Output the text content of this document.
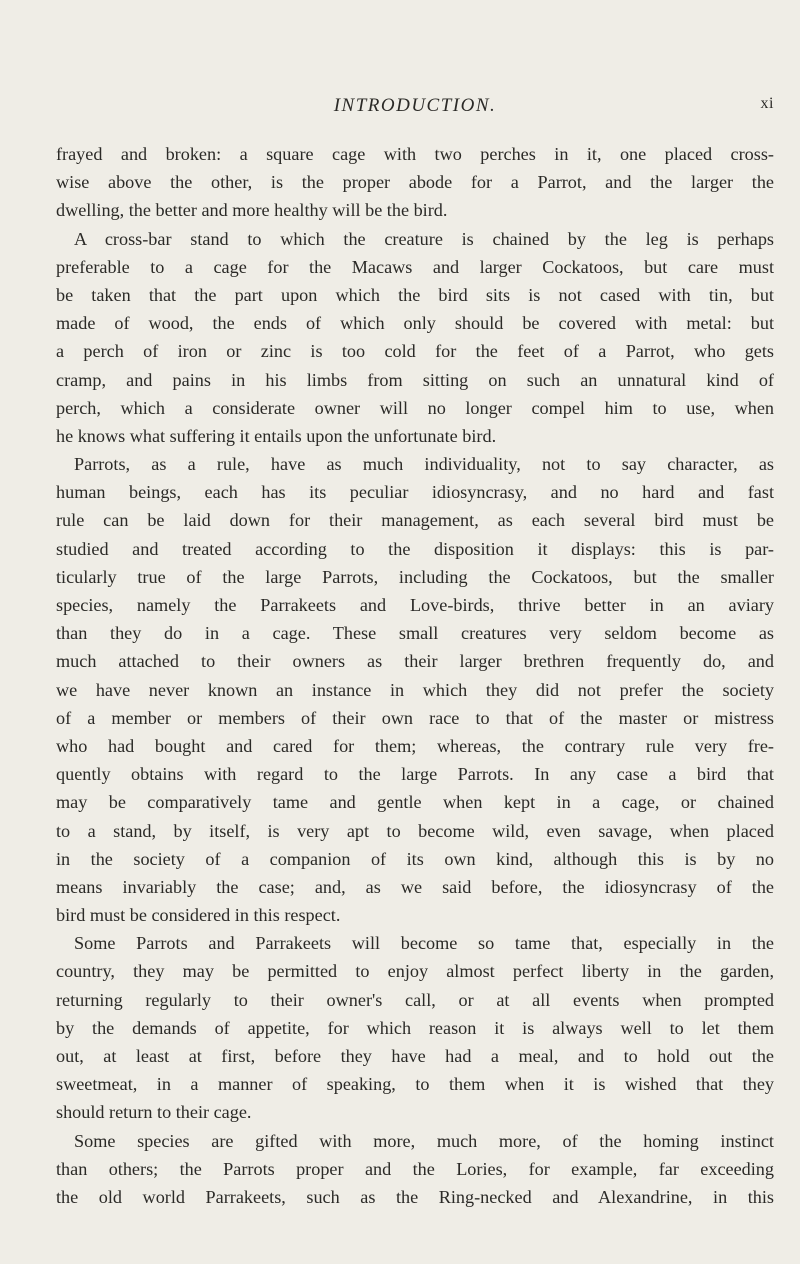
INTRODUCTION.	xi
frayed and broken: a square cage with two perches in it, one placed cross-
wise above the other, is the proper abode for a Parrot, and the larger the
dwelling, the better and more healthy will be the bird.
A cross-bar stand to which the creature is chained by the leg is perhaps
preferable to a cage for the Macaws and larger Cockatoos, but care must
be taken that the part upon which the bird sits is not cased with tin, but
made of wood, the ends of which only should be covered with metal: but
a perch of iron or zinc is too cold for the feet of a Parrot, who gets
cramp, and pains in his limbs from sitting on such an unnatural kind of
perch, which a considerate owner will no longer compel him to use, when
he knows what suffering it entails upon the unfortunate bird.
Parrots, as a rule, have as much individuality, not to say character, as
human beings, each has its peculiar idiosyncrasy, and no hard and fast
rule can be laid down for their management, as each several bird must be
studied and treated according to the disposition it displays: this is par-
ticularly true of the large Parrots, including the Cockatoos, but the smaller
species, namely the Parrakeets and Love-birds, thrive better in an aviary
than they do in a cage. These small creatures very seldom become as
much attached to their owners as their larger brethren frequently do, and
we have never known an instance in which they did not prefer the society
of a member or members of their own race to that of the master or mistress
who had bought and cared for them; whereas, the contrary rule very fre-
quently obtains with regard to the large Parrots. In any case a bird that
may be comparatively tame and gentle when kept in a cage, or chained
to a stand, by itself, is very apt to become wild, even savage, when placed
in the society of a companion of its own kind, although this is by no
means invariably the case; and, as we said before, the idiosyncrasy of the
bird must be considered in this respect.
Some Parrots and Parrakeets will become so tame that, especially in the
country, they may be permitted to enjoy almost perfect liberty in the garden,
returning regularly to their owner's call, or at all events when prompted
by the demands of appetite, for which reason it is always well to let them
out, at least at first, before they have had a meal, and to hold out the
sweetmeat, in a manner of speaking, to them when it is wished that they
should return to their cage.
Some species are gifted with more, much more, of the homing instinct
than others; the Parrots proper and the Lories, for example, far exceeding
the old world Parrakeets, such as the Ring-necked and Alexandrine, in this
